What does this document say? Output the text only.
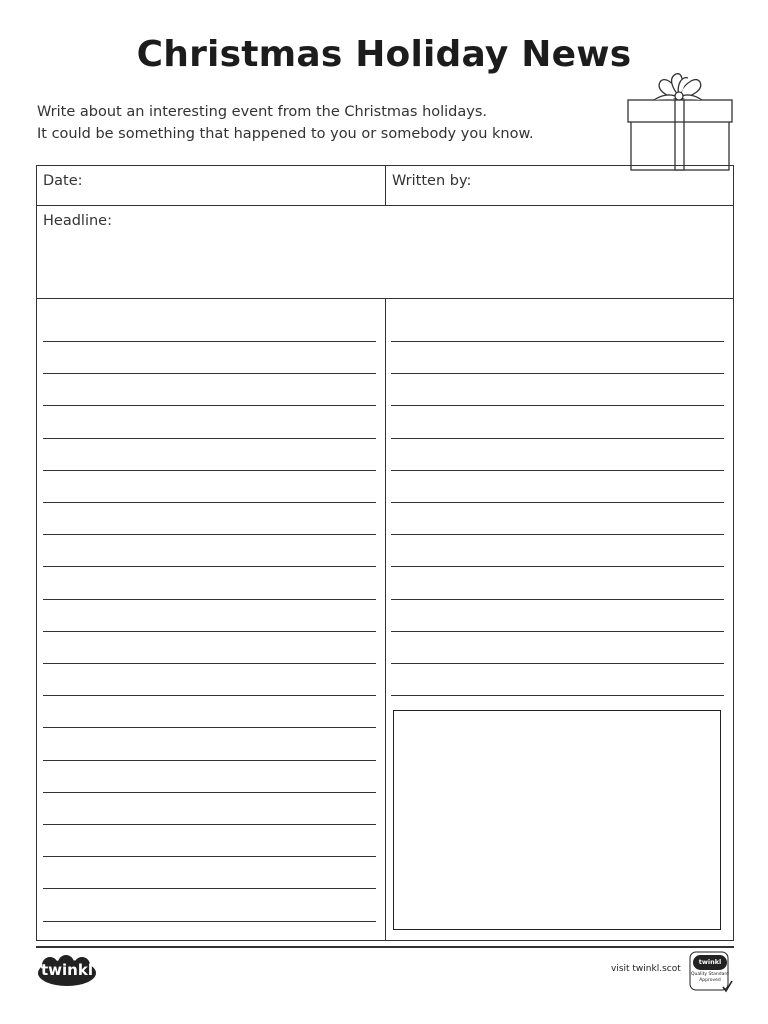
Christmas Holiday News

Write about an interesting event from the Christmas holidays.

It could be something that happened to you or somebody you know.

Date:	Written by:
Headline:
twinkl	visit twinkl.scot
twinkl
Quality Standard Approved
